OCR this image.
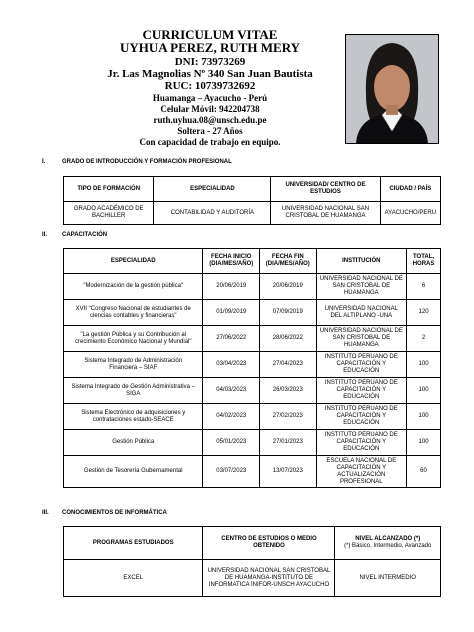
CURRICULUM VITAE
UYHUA PEREZ, RUTH MERY
DNI: 73973269
Jr. Las Magnolias Nº 340 San Juan Bautista
RUC: 10739732692
Huamanga – Ayacucho - Perú
Celular Móvil: 942204738
ruth.uyhua.08@unsch.edu.pe
Soltera - 27 Años
Con capacidad de trabajo en equipo.
I.	GRADO DE INTRODUCCIÓN Y FORMACIÓN PROFESIONAL
TIPO DE FORMACIÓN	ESPECIALIDAD	UNIVERSIDAD/ CENTRO DE ESTUDIOS	CIUDAD / PAÍS
GRADO ACADÉMICO DE BACHILLER	CONTABILIDAD Y AUDITORÍA	UNIVERSIDAD NACIONAL SAN CRISTOBAL DE HUAMANGA	AYACUCHO/PERU
II. CAPACITACIÓN
ESPECIALIDAD	FECHA INICIO (DIA/MES/AÑO)	FECHA FIN (DIA/MES/AÑO)	INSTITUCIÓN	TOTAL, HORAS
"Modernización de la gestión pública"	20/06/2019	20/06/2019	UNIVERSIDAD NACIONAL DE SAN CRISTOBAL DE HUAMANGA	6
XVII "Congreso Nacional de estudiantes de ciencias contables y financieras"	01/09/2019	07/09/2019	UNIVERSIDAD NACIONAL DEL ALTIPLANO -UNA	120
"La gestión Pública y su Contribución al crecimiento Económico Nacional y Mundial"	27/06/2022	28/06/2022	UNIVERSIDAD NACIONAL DE SAN CRISTOBAL DE HUAMANGA	2
Sistema Integrado de Administración Financiera – SIAF	03/04/2023	27/04/2023	INSTITUTO PERUANO DE CAPACITACIÓN Y EDUCACIÓN	100
Sistema Integrado de Gestión Administrativa – SIGA	04/03/2023	26/03/2023	INSTITUTO PERUANO DE CAPACITACIÓN Y EDUCACIÓN	100
Sistema Electrónico de adquisiciones y contrataciones estado-SEACE	04/02/2023	27/02/2023	INSTITUTO PERUANO DE CAPACITACIÓN Y EDUCACIÓN	100
Gestión Pública	05/01/2023	27/01/2023	INSTITUTO PERUANO DE CAPACITACIÓN Y EDUCACIÓN	100
Gestión de Tesorería Gubernamental	03/07/2023	13/07/2023	ESCUELA NACIONAL DE CAPACITACIÓN Y ACTUALIZACIÓN PROFESIONAL	60
III. CONOCIMIENTOS DE INFORMÁTICA
PROGRAMAS ESTUDIADOS	CENTRO DE ESTUDIOS O MEDIO OBTENIDO	NIVEL ALCANZADO (*)
(*) Básico, Intermedio, Avanzado

EXCEL	UNIVERSIDAD NACIONAL SAN CRISTOBAL DE HUAMANGA-INSTITUTO DE INFORMATICA INIFOR-UNSCH AYACUCHO	NIVEL INTERMEDIO
